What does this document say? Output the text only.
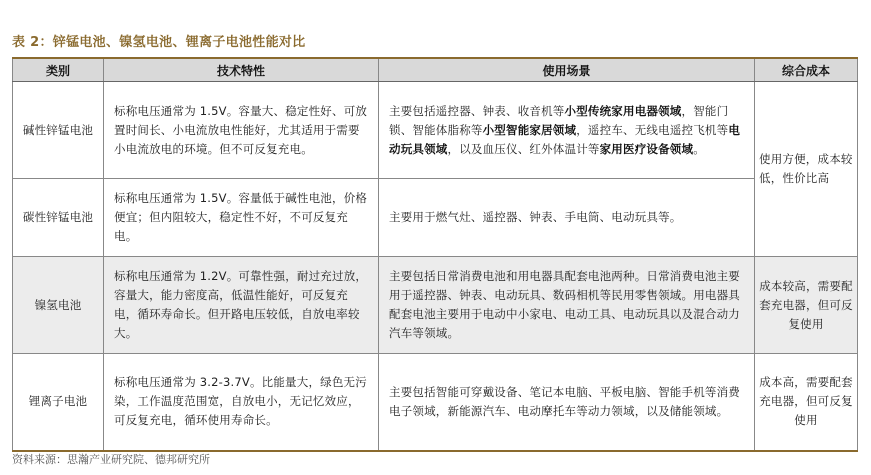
表 2：锌锰电池、镍氢电池、锂离子电池性能对比
类别	技术特性	使用场景	综合成本
碱性锌锰电池	标称电压通常为 1.5V。容量大、稳定性好、可放置时间长、小电流放电性能好，尤其适用于需要小电流放电的环境。但不可反复充电。	主要包括遥控器、钟表、收音机等小型传统家用电器领域，智能门锁、智能体脂称等小型智能家居领域，遥控车、无线电遥控飞机等电动玩具领域，以及血压仪、红外体温计等家用医疗设备领域。	使用方便，成本较低，性价比高
碳性锌锰电池	标称电压通常为 1.5V。容量低于碱性电池，价格便宜；但内阻较大，稳定性不好，不可反复充电。	主要用于燃气灶、遥控器、钟表、手电筒、电动玩具等。	
镍氢电池	标称电压通常为 1.2V。可靠性强，耐过充过放，容量大，能力密度高，低温性能好，可反复充电，循环寿命长。但开路电压较低，自放电率较大。	主要包括日常消费电池和用电器具配套电池两种。日常消费电池主要用于遥控器、钟表、电动玩具、数码相机等民用零售领域。用电器具配套电池主要用于电动中小家电、电动工具、电动玩具以及混合动力汽车等领域。	成本较高，需要配套充电器，但可反复使用
锂离子电池	标称电压通常为 3.2-3.7V。比能量大，绿色无污染，工作温度范围宽，自放电小，无记忆效应，可反复充电，循环使用寿命长。	主要包括智能可穿戴设备、笔记本电脑、平板电脑、智能手机等消费电子领域，新能源汽车、电动摩托车等动力领域，以及储能领域。	成本高，需要配套充电器，但可反复使用
资料来源：思瀚产业研究院、德邦研究所
